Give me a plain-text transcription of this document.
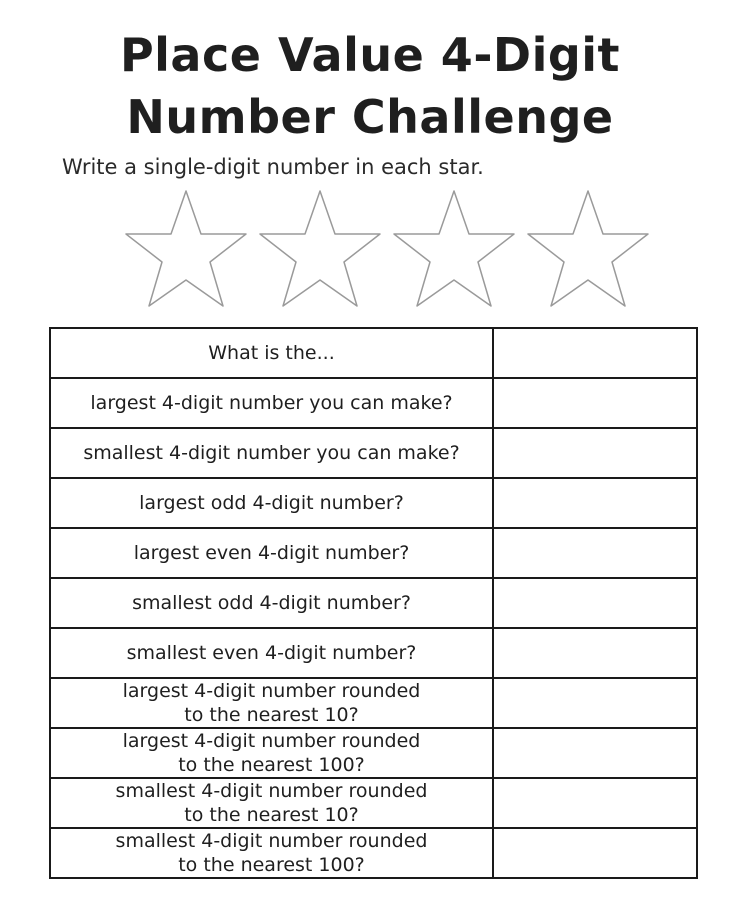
Place Value 4-Digit
Number Challenge
Write a single-digit number in each star.
What is the...	
largest 4-digit number you can make?	
smallest 4-digit number you can make?	
largest odd 4-digit number?	
largest even 4-digit number?	
smallest odd 4-digit number?	
smallest even 4-digit number?	
largest 4-digit number rounded
to the nearest 10?	
largest 4-digit number rounded
to the nearest 100?	
smallest 4-digit number rounded
to the nearest 10?	
smallest 4-digit number rounded
to the nearest 100?	
